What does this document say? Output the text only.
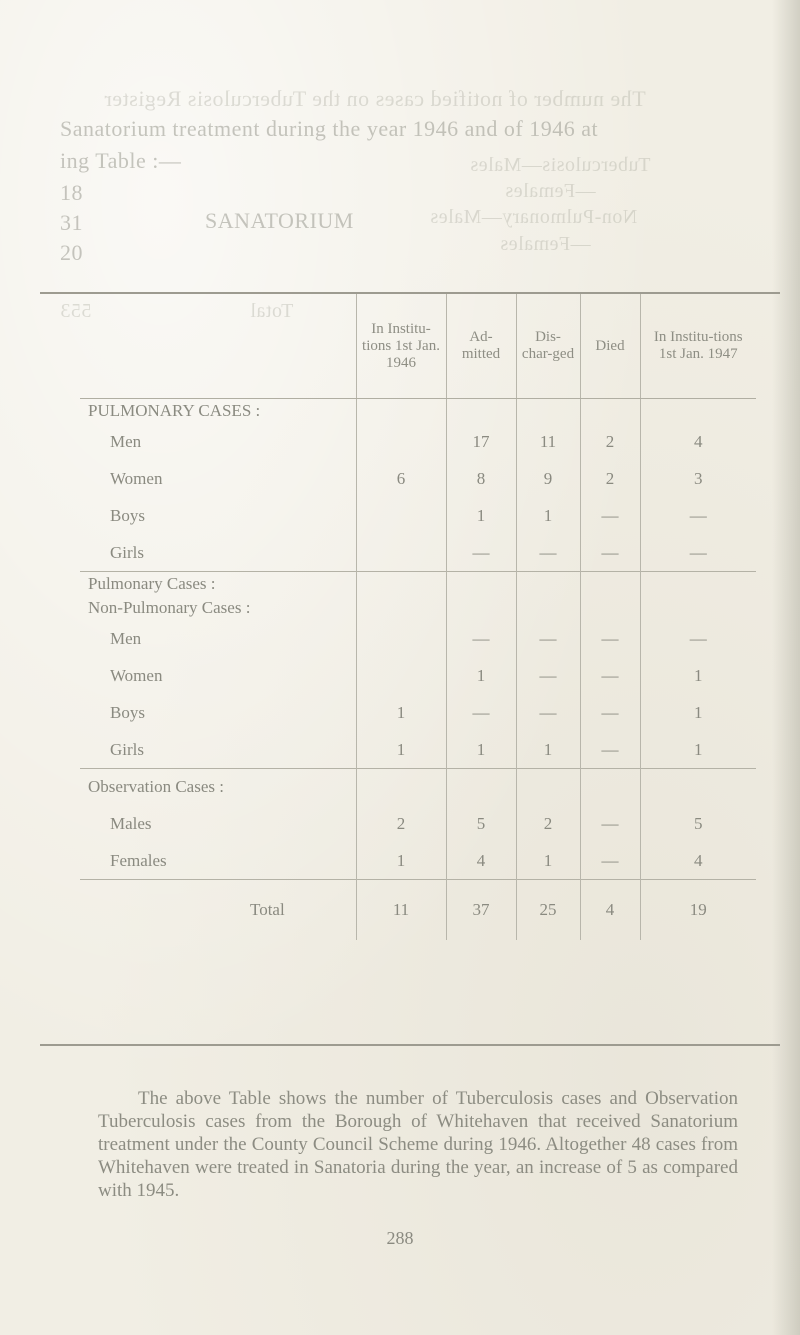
The number of notified cases on the Tuberculosis Register
Sanatorium treatment during the year 1946 and of 1946 at
ing Table :—
18
31
20
SANATORIUM
Tuberculosis—Males
—Females
Non-Pulmonary—Males
—Females
553	Total
	In Institu-tions 1st Jan. 1946	Ad-mitted	Dis-char-ged	Died	In Institu-tions 1st Jan. 1947
PULMONARY CASES :					
Men		17	11	2	4
Women	6	8	9	2	3
Boys		1	1	—	—
Girls		—	—	—	—
Pulmonary Cases :					
Non-Pulmonary Cases :					
Men		—	—	—	—
Women		1	—	—	1
Boys	1	—	—	—	1
Girls	1	1	1	—	1
Observation Cases :					
Males	2	5	2	—	5
Females	1	4	1	—	4
Total	11	37	25	4	19

The above Table shows the number of Tuberculosis cases and Observation Tuberculosis cases from the Borough of Whitehaven that received Sanatorium treatment under the County Council Scheme during 1946. Altogether 48 cases from Whitehaven were treated in Sanatoria during the year, an increase of 5 as compared with 1945.

288
